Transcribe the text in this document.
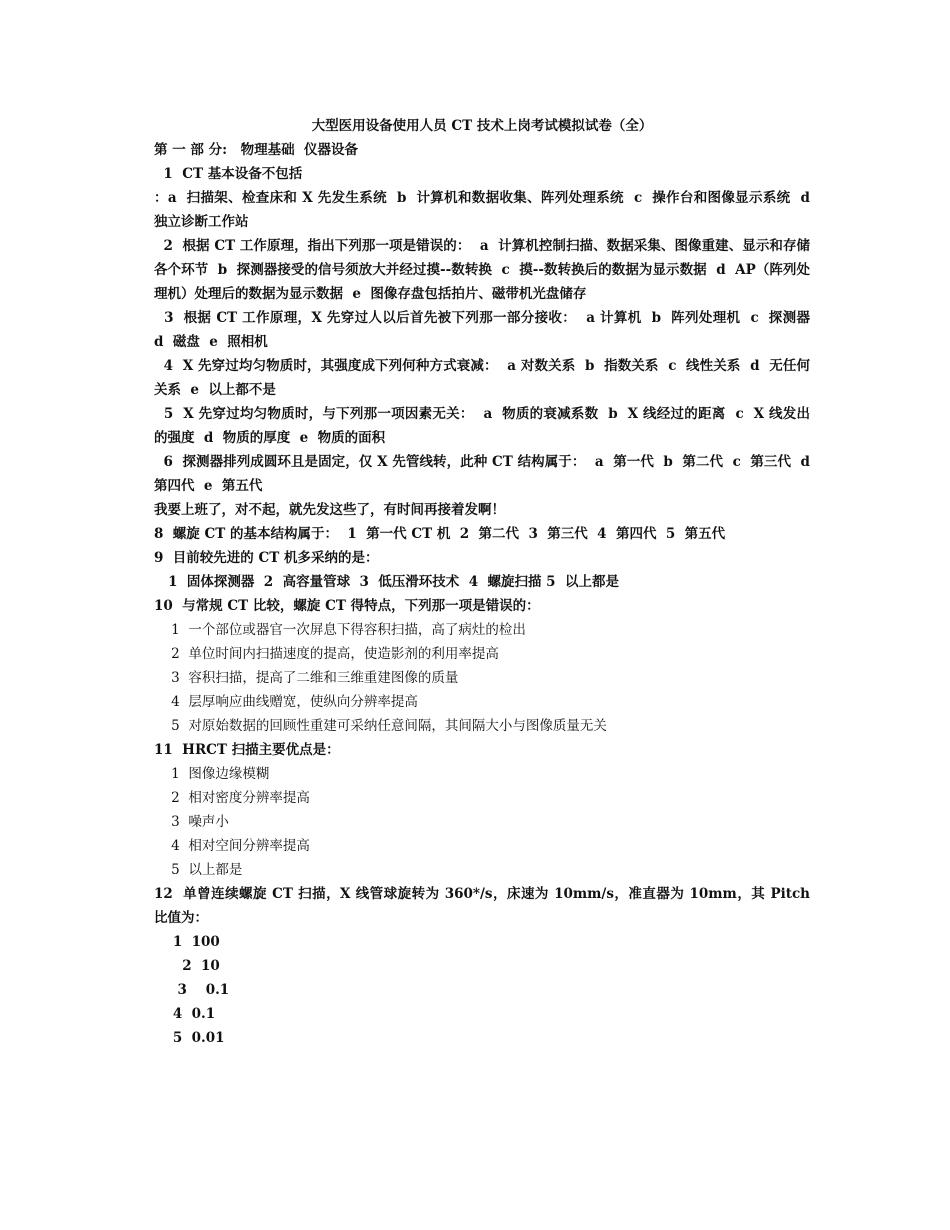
大型医用设备使用人员 CT 技术上岗考试模拟试卷（全）
第 一 部 分:　物理基础  仪器设备
1  CT 基本设备不包括
：a  扫描架、检查床和 X 先发生系统  b  计算机和数据收集、阵列处理系统  c  操作台和图像显示系统  d  独立诊断工作站
2  根据 CT 工作原理，指出下列那一项是错误的：  a  计算机控制扫描、数据采集、图像重建、显示和存储各个环节  b  探测器接受的信号须放大并经过摸--数转换  c  摸--数转换后的数据为显示数据  d  AP（阵列处理机）处理后的数据为显示数据  e  图像存盘包括拍片、磁带机光盘储存
3  根据 CT 工作原理，X 先穿过人以后首先被下列那一部分接收：  a 计算机  b  阵列处理机  c  探测器  d  磁盘  e  照相机
4  X 先穿过均匀物质时，其强度成下列何种方式衰减：  a 对数关系  b  指数关系  c  线性关系  d  无任何关系  e  以上都不是
5  X 先穿过均匀物质时，与下列那一项因素无关：  a  物质的衰减系数  b  X 线经过的距离  c  X 线发出的强度  d  物质的厚度  e  物质的面积
6  探测器排列成圆环且是固定，仅 X 先管线转，此种 CT 结构属于：  a  第一代  b  第二代  c  第三代  d  第四代  e  第五代
我要上班了，对不起，就先发这些了，有时间再接着发啊！
8  螺旋 CT 的基本结构属于：  1  第一代 CT 机  2  第二代  3  第三代  4  第四代  5  第五代
9  目前较先进的 CT 机多采纳的是：
1  固体探测器  2  高容量管球  3  低压滑环技术  4  螺旋扫描 5  以上都是
10  与常规 CT 比较，螺旋 CT 得特点，下列那一项是错误的：
1  一个部位或器官一次屏息下得容积扫描，高了病灶的检出
2  单位时间内扫描速度的提高，使造影剂的利用率提高
3  容积扫描，提高了二维和三维重建图像的质量
4  层厚响应曲线赠宽，使纵向分辨率提高
5  对原始数据的回顾性重建可采纳任意间隔，其间隔大小与图像质量无关
11  HRCT 扫描主要优点是：
1  图像边缘模糊
2  相对密度分辨率提高
3  噪声小
4  相对空间分辨率提高
5  以上都是
12  单曾连续螺旋 CT 扫描，X 线管球旋转为 360*/s，床速为 10mm/s，准直器为 10mm，其 Pitch 比值为：
1  100
2  10
3    0.1
4  0.1
5  0.01
